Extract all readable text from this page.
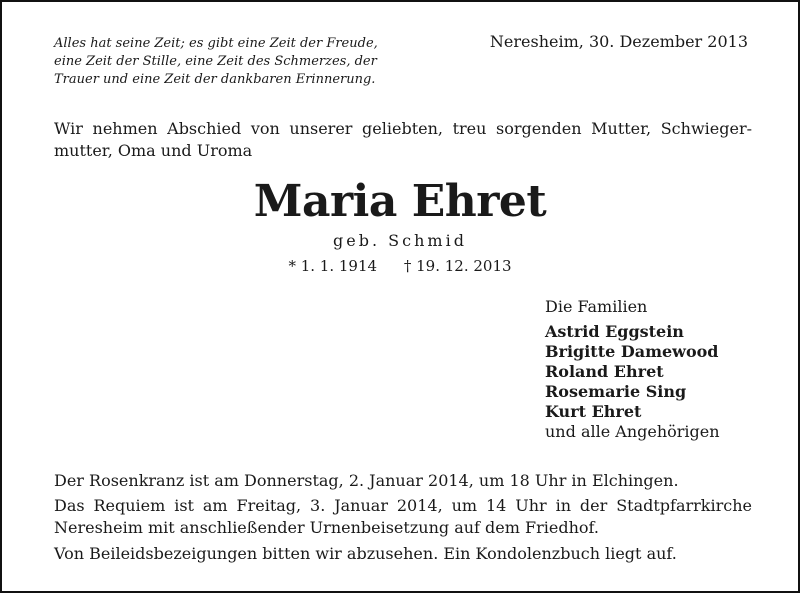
Alles hat seine Zeit; es gibt eine Zeit der Freude,
eine Zeit der Stille, eine Zeit des Schmerzes, der
Trauer und eine Zeit der dankbaren Erinnerung.

Neresheim, 30. Dezember 2013

Wir nehmen Abschied von unserer geliebten, treu sorgenden Mutter, Schwieger-
mutter, Oma und Uroma

Maria Ehret

geb. Schmid

* 1. 1. 1914 † 19. 12. 2013

Die Familien
Astrid Eggstein
Brigitte Damewood
Roland Ehret
Rosemarie Sing
Kurt Ehret
und alle Angehörigen

Der Rosenkranz ist am Donnerstag, 2. Januar 2014, um 18 Uhr in Elchingen.

Das Requiem ist am Freitag, 3. Januar 2014, um 14 Uhr in der Stadtpfarrkirche
Neresheim mit anschließender Urnenbeisetzung auf dem Friedhof.

Von Beileidsbezeigungen bitten wir abzusehen. Ein Kondolenzbuch liegt auf.
